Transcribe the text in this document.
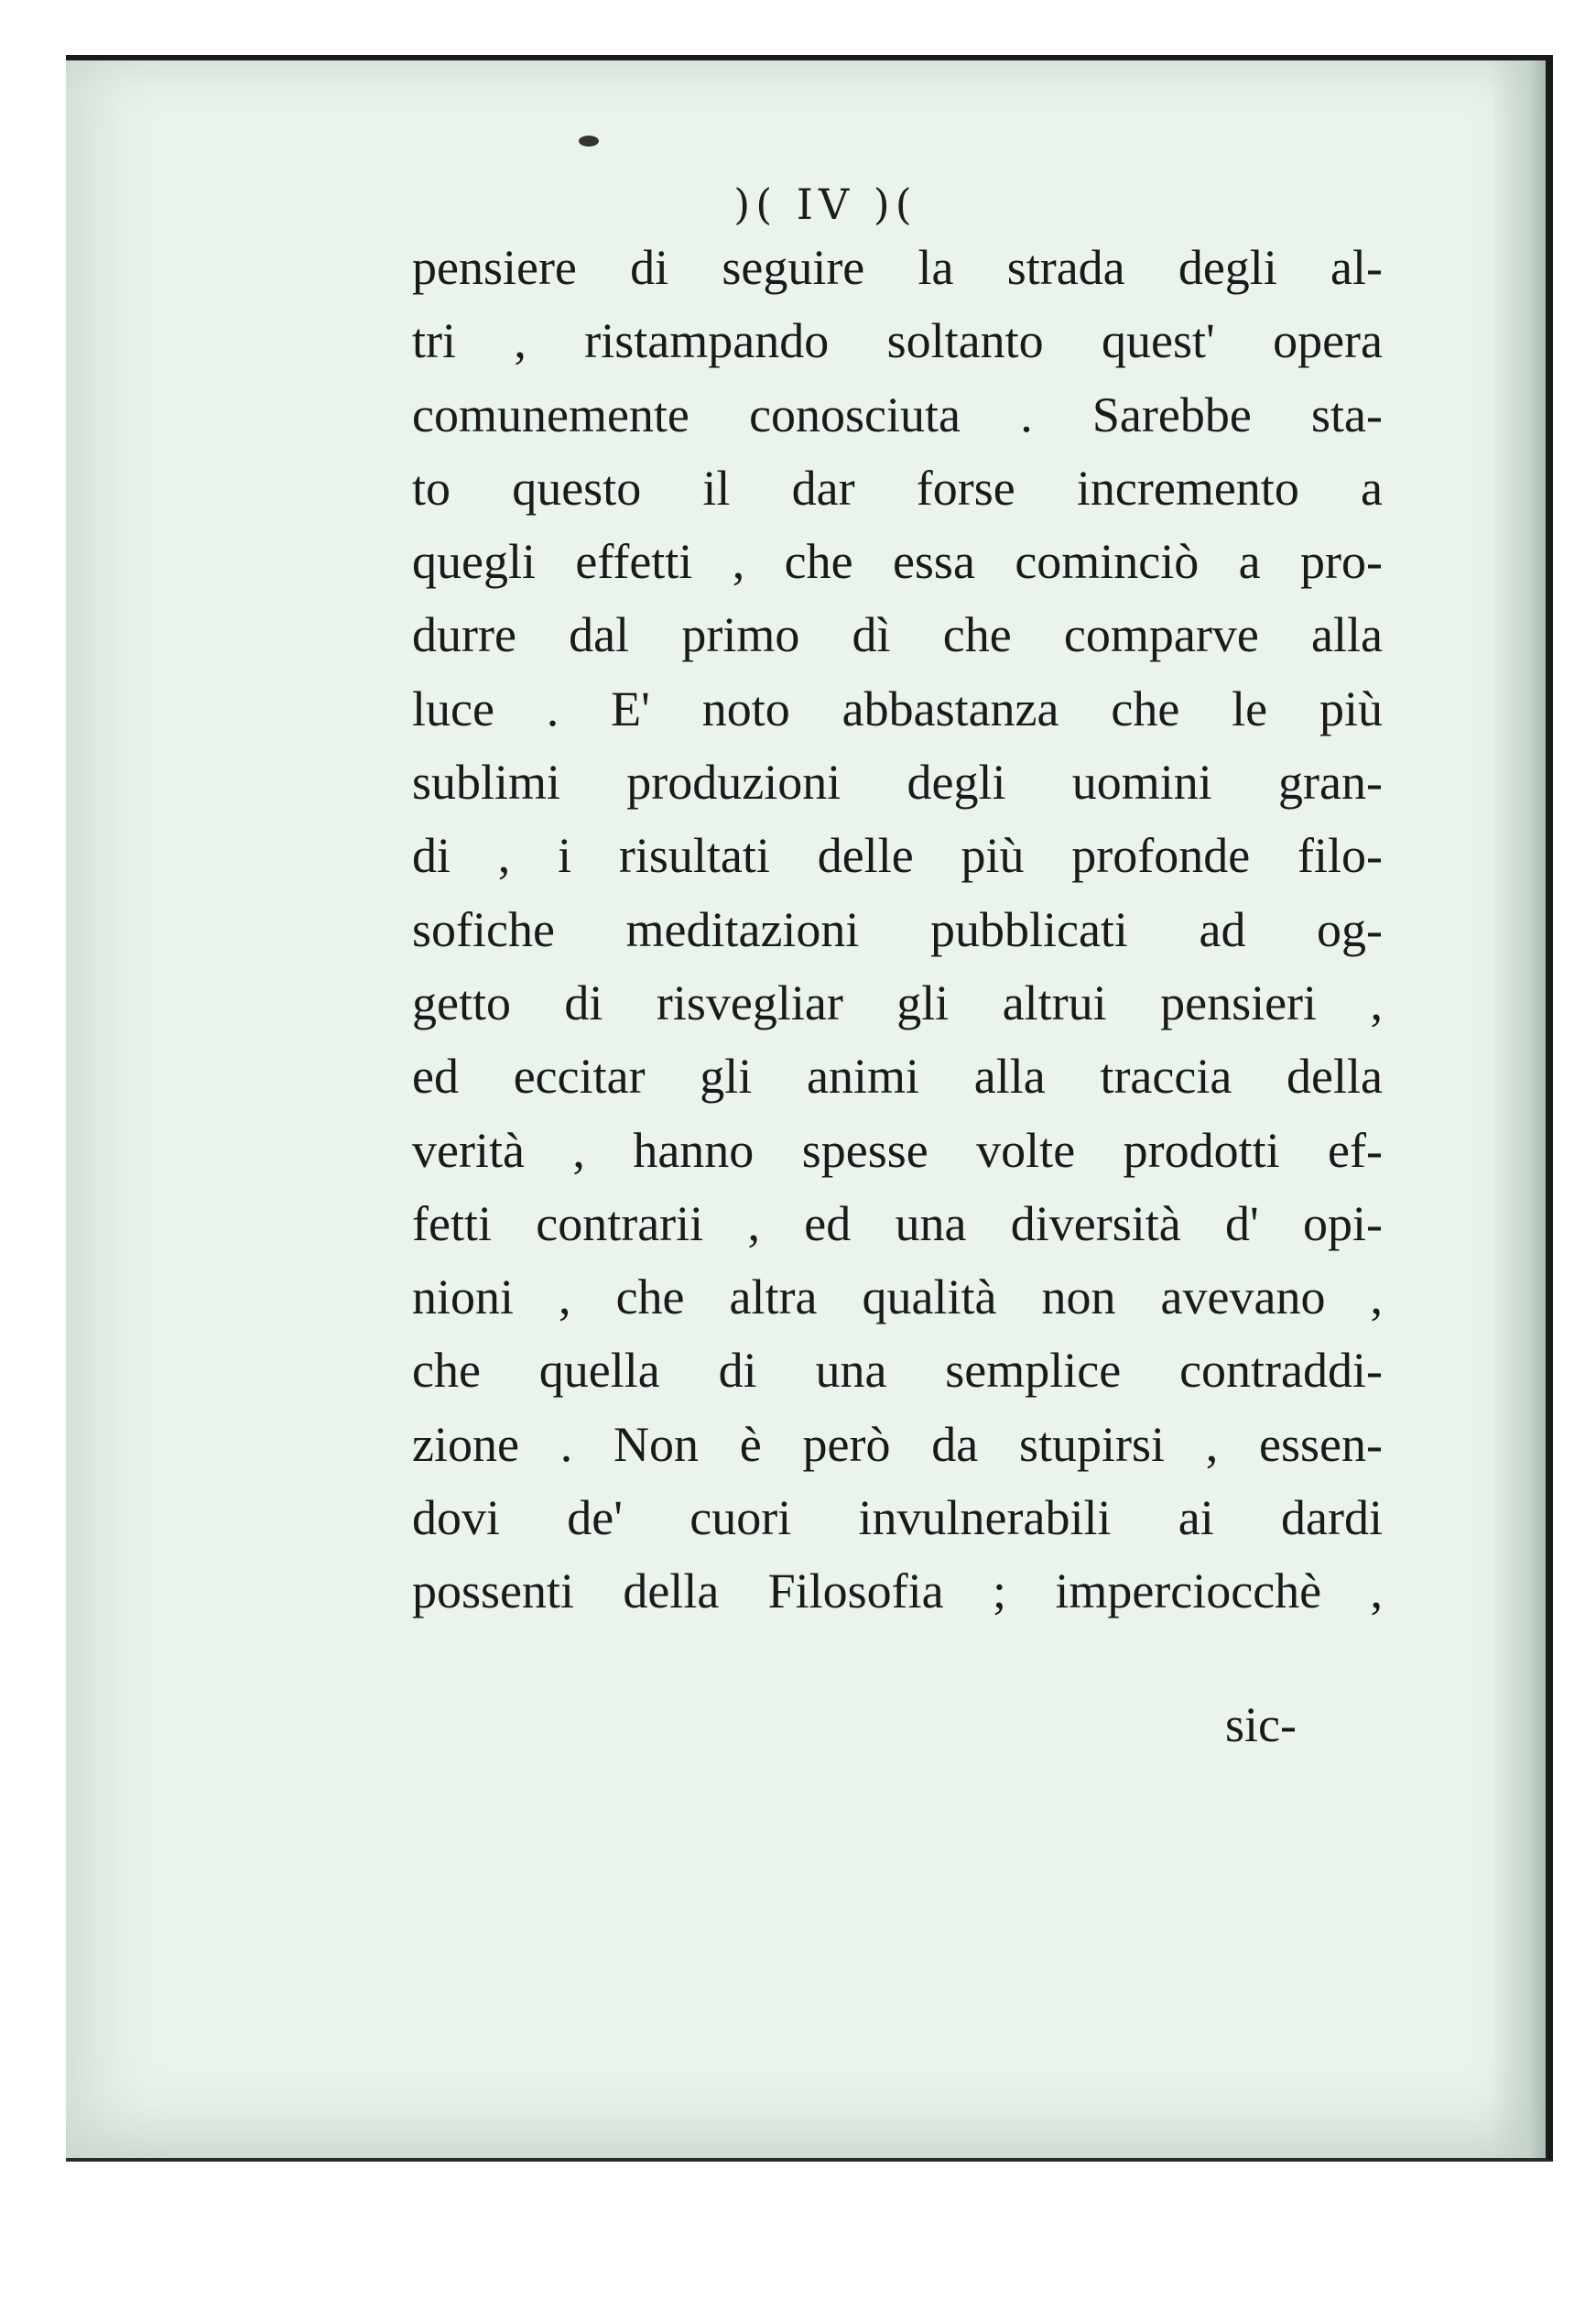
)( IV )(
pensiere di seguire la strada degli al-
tri , ristampando soltanto quest' opera
comunemente conosciuta . Sarebbe sta-
to questo il dar forse incremento a
quegli effetti , che essa cominciò a pro-
durre dal primo dì che comparve alla
luce . E' noto abbastanza che le più
sublimi produzioni degli uomini gran-
di , i risultati delle più profonde filo-
sofiche meditazioni pubblicati ad og-
getto di risvegliar gli altrui pensieri ,
ed eccitar gli animi alla traccia della
verità , hanno spesse volte prodotti ef-
fetti contrarii , ed una diversità d' opi-
nioni , che altra qualità non avevano ,
che quella di una semplice contraddi-
zione . Non è però da stupirsi , essen-
dovi de' cuori invulnerabili ai dardi
possenti della Filosofia ; imperciocchè ,
sic-
